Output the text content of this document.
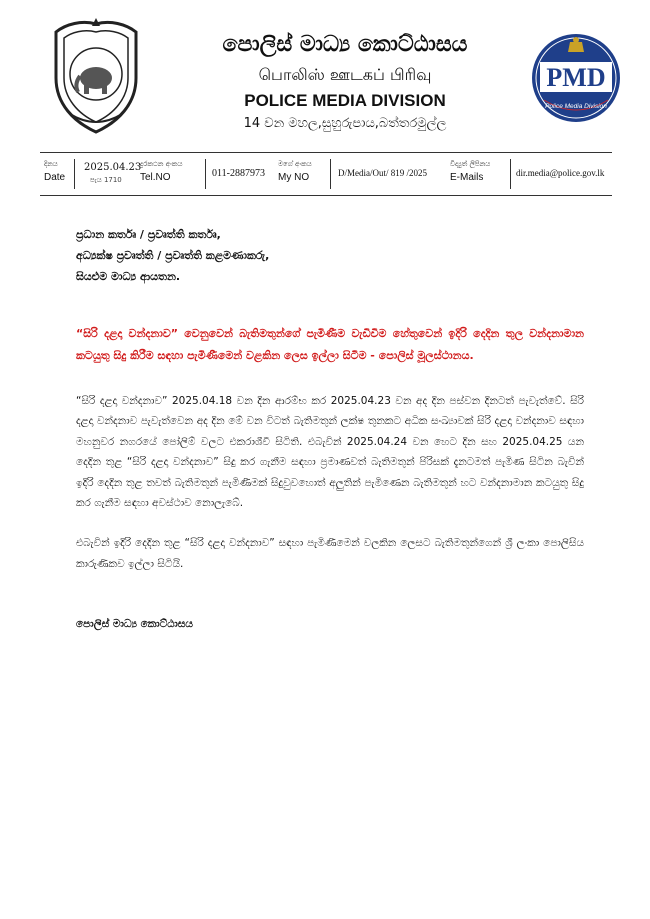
පොලිස් මාධ්‍ය කොට්ඨාසය
பொலிஸ் ஊடகப் பிரிவு
POLICE MEDIA DIVISION
14 වන මහල,සුහුරුපාය,බත්තරමුල්ල
PMD
Police Media Division
දිනය
Date
2025.04.23
පැය 1710
දුරකථන අංකය
Tel.NO	011-2887973
මගේ අංකය
My NO	D/Media/Out/ 819 /2025
විද්‍යුත් ලිපිනය
E-Mails	dir.media@police.gov.lk
ප්‍රධාන කර්තෘ / ප්‍රවෘත්ති කර්තෘ,
අධ්‍යක්ෂ ප්‍රවෘත්ති / ප්‍රවෘත්ති කළමණාකරු,
සියළුම මාධ්‍ය ආයතන.
“සිරි දළදා වන්දනාව” වෙනුවෙන් බැතිමතුන්ගේ පැමිණීම වැඩිවීම හේතුවෙන් ඉදිරි දෙදින තුල වන්දනාමාන කටයුතු සිදු කිරීම සඳහා පැමිණීමෙන් වළකින ලෙස ඉල්ලා සිටීම - පොලිස් මූලස්ථානය.
“සිරි දළදා වන්දනාව” 2025.04.18 වන දින ආරම්භ කර 2025.04.23 වන අද දින පස්වන දිනටත් පැවැත්වේ. සිරි දළදා වන්දනාව පැවැත්වෙන අද දින මේ වන විටත් බැතිමතුන් ලක්ෂ තුනකට අධික සංඛ්‍යාවක් සිරි දළදා වන්දනාව සඳහා මහනුවර නගරයේ පෝලිම් වලට එකරාශීවී සිටිති. එබැවින් 2025.04.24 වන හෙට දින සහ 2025.04.25 යන දෙදින තුළ “සිරි දළදා වන්දනාව” සිදු කර ගැනීම සඳහා ප්‍රමාණවත් බැතිමතුන් පිරිසක් දැනටමත් පැමිණ සිටින බැවින් ඉදිරි දෙදින තුළ තවත් බැතිමතුන් පැමිණීමක් සිදුවුවහොත් අලුතින් පැමිණෙන බැතිමතුන් හට වන්දනාමාන කටයුතු සිදු කර ගැනීම සඳහා අවස්ථාව නොලැබේ.
එබැවින් ඉදිරි දෙදින තුළ “සිරි දළදා වන්දනාව” සඳහා පැමිණීමෙන් වලකින ලෙසට බැතිමතුන්ගෙන් ශ්‍රී ලංකා පොලිසිය කාරුණිකව ඉල්ලා සිටියි.
පොලිස් මාධ්‍ය කොට්ඨාසය
